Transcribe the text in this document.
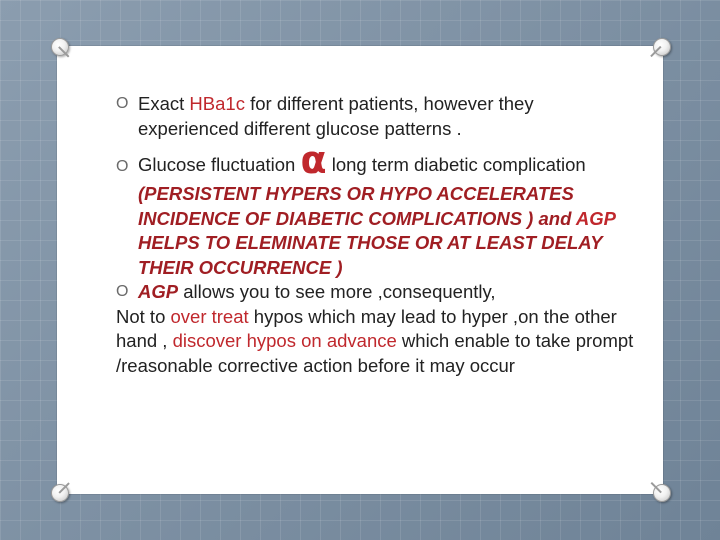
O Exact HBa1c for different patients, however they experienced different glucose patterns .
O Glucose fluctuation α long term diabetic complication (PERSISTENT HYPERS OR HYPO ACCELERATES INCIDENCE OF DIABETIC COMPLICATIONS ) and AGP HELPS TO ELEMINATE THOSE OR AT LEAST DELAY THEIR OCCURRENCE )
O AGP allows you to see more ,consequently,
Not to over treat hypos which may lead to hyper ,on the other hand , discover hypos on advance which enable to take prompt /reasonable corrective action before it may occur
